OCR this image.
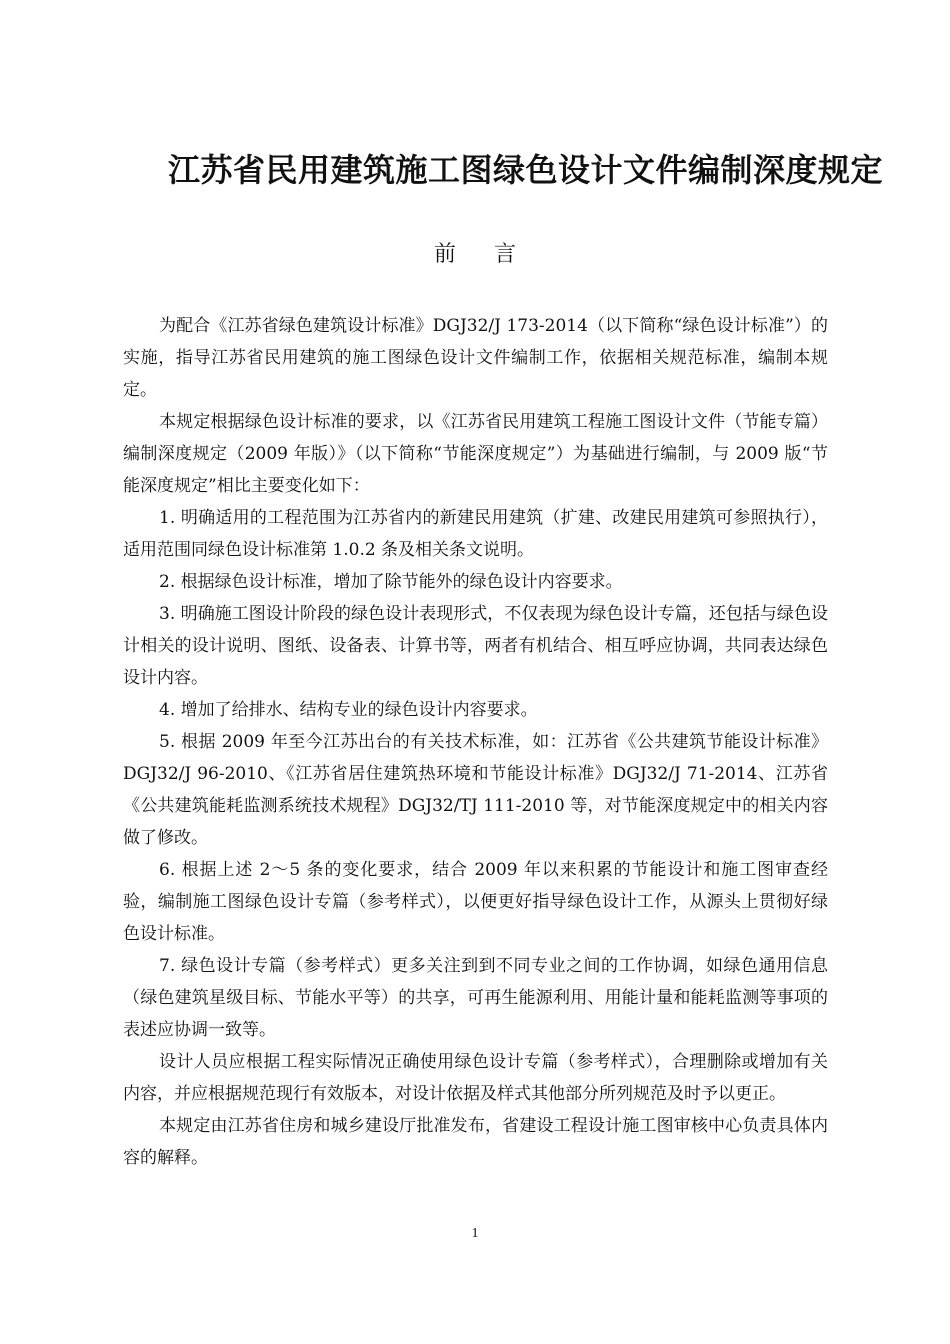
江苏省民用建筑施工图绿色设计文件编制深度规定
前言

为配合《江苏省绿色建筑设计标准》DGJ32/J 173-2014（以下简称“绿色设计标准”）的实施，指导江苏省民用建筑的施工图绿色设计文件编制工作，依据相关规范标准，编制本规定。

本规定根据绿色设计标准的要求，以《江苏省民用建筑工程施工图设计文件（节能专篇）编制深度规定（2009 年版）》（以下简称“节能深度规定”）为基础进行编制，与 2009 版“节能深度规定”相比主要变化如下：

1. 明确适用的工程范围为江苏省内的新建民用建筑（扩建、改建民用建筑可参照执行），适用范围同绿色设计标准第 1.0.2 条及相关条文说明。

2. 根据绿色设计标准，增加了除节能外的绿色设计内容要求。

3. 明确施工图设计阶段的绿色设计表现形式，不仅表现为绿色设计专篇，还包括与绿色设计相关的设计说明、图纸、设备表、计算书等，两者有机结合、相互呼应协调，共同表达绿色设计内容。

4. 增加了给排水、结构专业的绿色设计内容要求。

5. 根据 2009 年至今江苏出台的有关技术标准，如：江苏省《公共建筑节能设计标准》DGJ32/J 96-2010、《江苏省居住建筑热环境和节能设计标准》DGJ32/J 71-2014、江苏省《公共建筑能耗监测系统技术规程》DGJ32/TJ 111-2010 等，对节能深度规定中的相关内容做了修改。

6. 根据上述 2～5 条的变化要求，结合 2009 年以来积累的节能设计和施工图审查经验，编制施工图绿色设计专篇（参考样式），以便更好指导绿色设计工作，从源头上贯彻好绿色设计标准。

7. 绿色设计专篇（参考样式）更多关注到到不同专业之间的工作协调，如绿色通用信息（绿色建筑星级目标、节能水平等）的共享，可再生能源利用、用能计量和能耗监测等事项的表述应协调一致等。

设计人员应根据工程实际情况正确使用绿色设计专篇（参考样式），合理删除或增加有关内容，并应根据规范现行有效版本，对设计依据及样式其他部分所列规范及时予以更正。

本规定由江苏省住房和城乡建设厅批准发布，省建设工程设计施工图审核中心负责具体内容的解释。

1
